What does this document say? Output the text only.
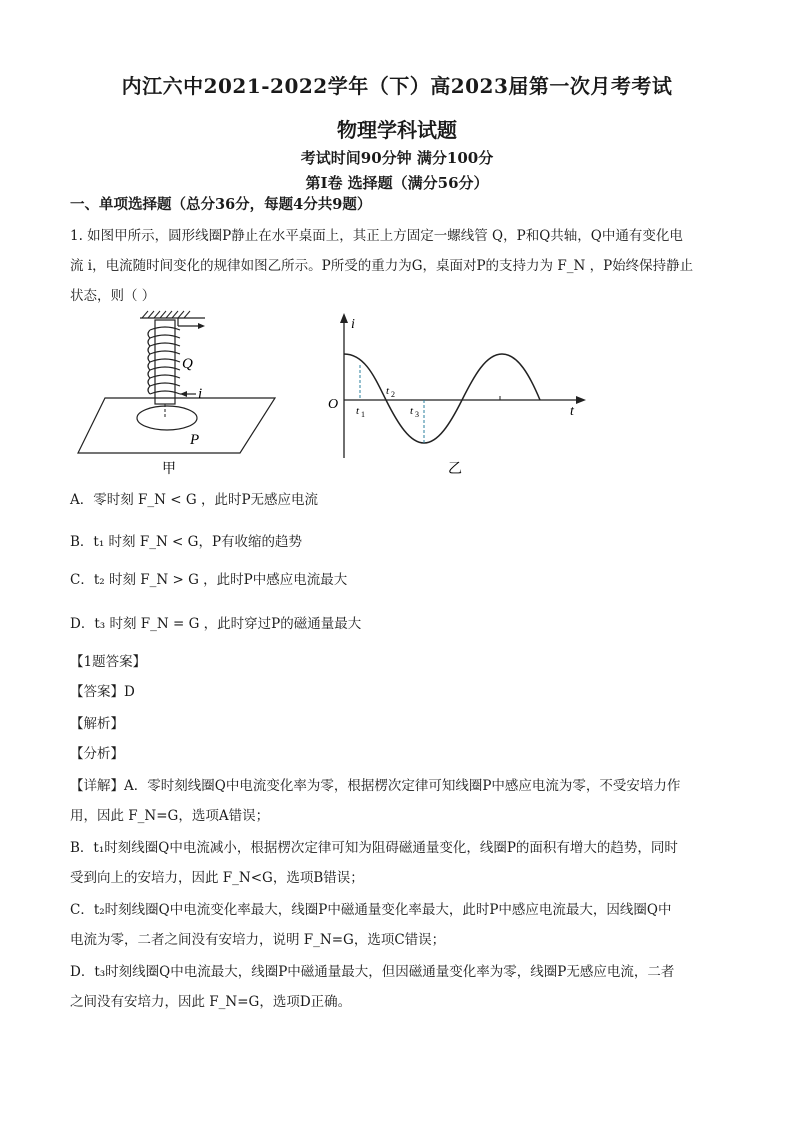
内江六中2021-2022学年（下）高2023届第一次月考考试
物理学科试题
考试时间90分钟 满分100分
第Ⅰ卷 选择题（满分56分）
一、单项选择题（总分36分，每题4分共9题）
1. 如图甲所示，圆形线圈P静止在水平桌面上，其正上方固定一螺线管 Q，P和Q共轴，Q中通有变化电
流 i，电流随时间变化的规律如图乙所示。P所受的重力为G，桌面对P的支持力为 F_N ，P始终保持静止
状态，则（ ）
Q
i
P
甲
O
i
t
t 1
t 2
t 3
乙
A．零时刻 F_N < G ，此时P无感应电流
B．t₁ 时刻 F_N < G，P有收缩的趋势
C．t₂ 时刻 F_N > G ，此时P中感应电流最大
D．t₃ 时刻 F_N = G ，此时穿过P的磁通量最大
【1题答案】
【答案】D
【解析】
【分析】
【详解】A．零时刻线圈Q中电流变化率为零，根据楞次定律可知线圈P中感应电流为零，不受安培力作
用，因此 F_N=G，选项A错误；
B．t₁时刻线圈Q中电流减小，根据楞次定律可知为阻碍磁通量变化，线圈P的面积有增大的趋势，同时
受到向上的安培力，因此 F_N<G，选项B错误；
C．t₂时刻线圈Q中电流变化率最大，线圈P中磁通量变化率最大，此时P中感应电流最大，因线圈Q中
电流为零，二者之间没有安培力，说明 F_N=G，选项C错误；
D．t₃时刻线圈Q中电流最大，线圈P中磁通量最大，但因磁通量变化率为零，线圈P无感应电流，二者
之间没有安培力，因此 F_N=G，选项D正确。
